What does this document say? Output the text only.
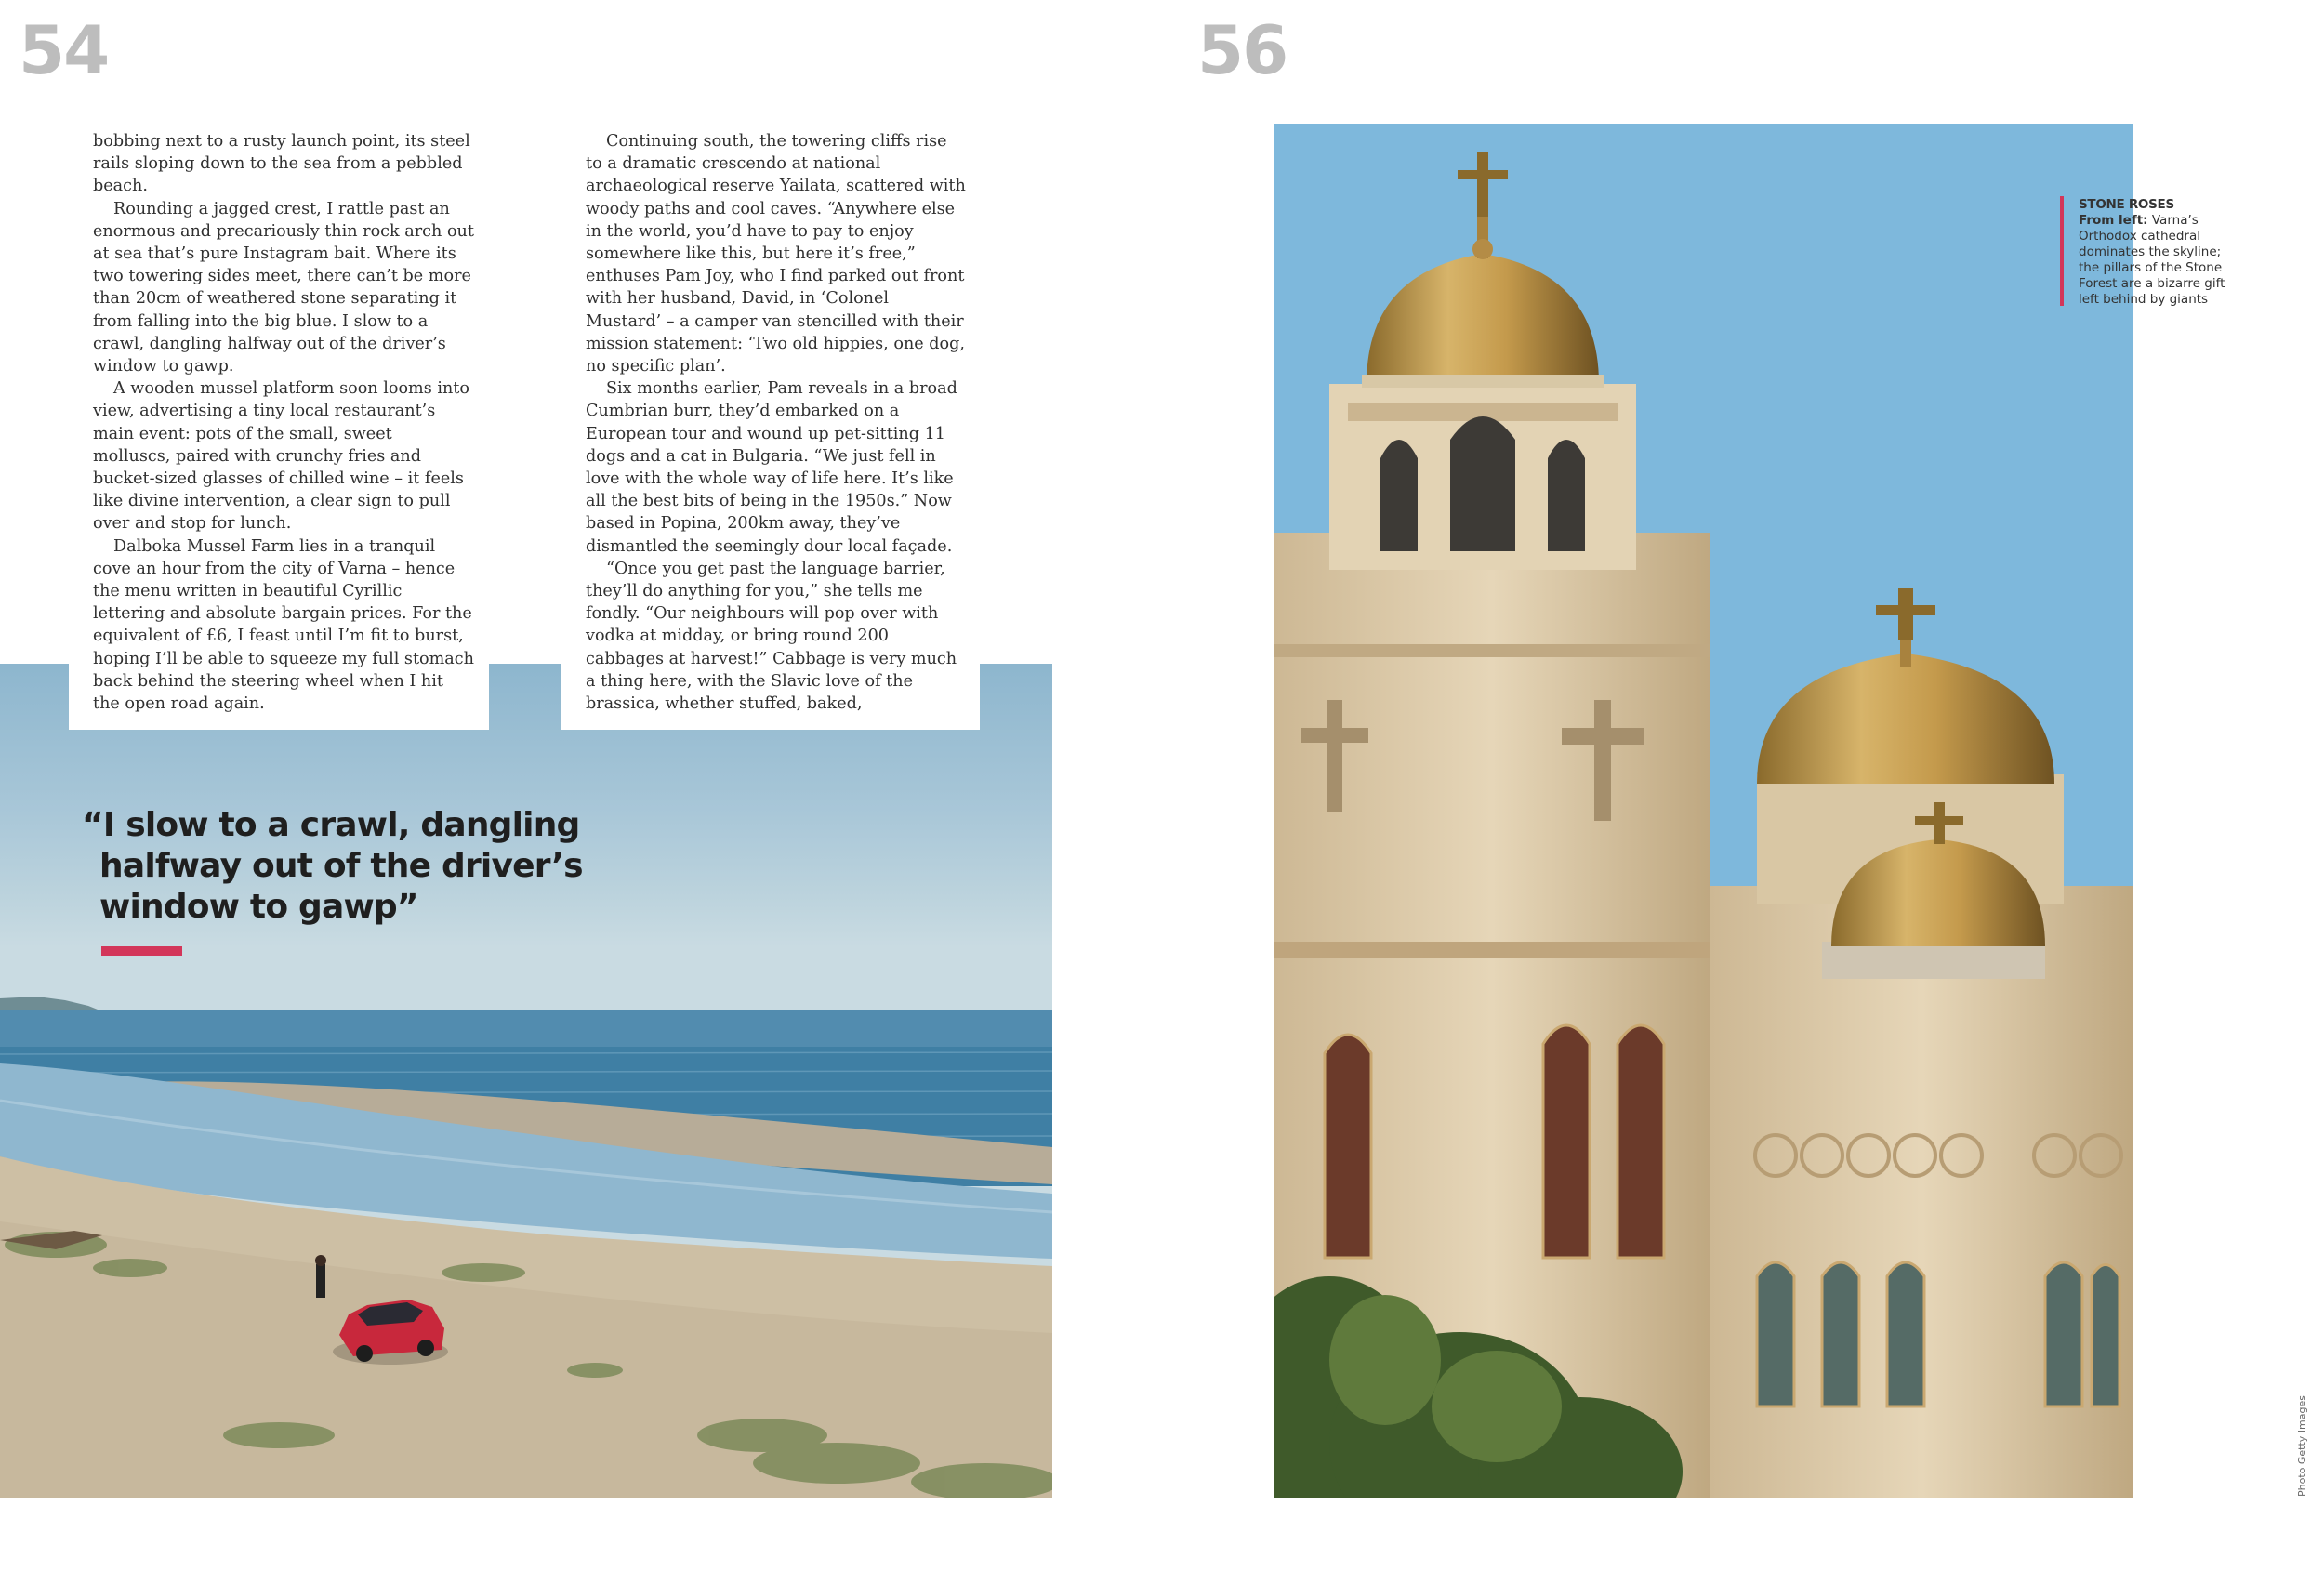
54	56

bobbing next to a rusty launch point, its steel rails sloping down to the sea from a pebbled beach.

Rounding a jagged crest, I rattle past an enormous and precariously thin rock arch out at sea that’s pure Instagram bait. Where its two towering sides meet, there can’t be more than 20cm of weathered stone separating it from falling into the big blue. I slow to a crawl, dangling halfway out of the driver’s window to gawp.

A wooden mussel platform soon looms into view, advertising a tiny local restaurant’s main event: pots of the small, sweet molluscs, paired with crunchy fries and bucket-sized glasses of chilled wine – it feels like divine intervention, a clear sign to pull over and stop for lunch.

Dalboka Mussel Farm lies in a tranquil cove an hour from the city of Varna – hence the menu written in beautiful Cyrillic lettering and absolute bargain prices. For the equivalent of £6, I feast until I’m fit to burst, hoping I’ll be able to squeeze my full stomach back behind the steering wheel when I hit the open road again.

Continuing south, the towering cliffs rise to a dramatic crescendo at national archaeological reserve Yailata, scattered with woody paths and cool caves. “Anywhere else in the world, you’d have to pay to enjoy somewhere like this, but here it’s free,” enthuses Pam Joy, who I find parked out front with her husband, David, in ‘Colonel Mustard’ – a camper van stencilled with their mission statement: ‘Two old hippies, one dog, no specific plan’.

Six months earlier, Pam reveals in a broad Cumbrian burr, they’d embarked on a European tour and wound up pet-sitting 11 dogs and a cat in Bulgaria. “We just fell in love with the whole way of life here. It’s like all the best bits of being in the 1950s.” Now based in Popina, 200km away, they’ve dismantled the seemingly dour local façade.

“Once you get past the language barrier, they’ll do anything for you,” she tells me fondly. “Our neighbours will pop over with vodka at midday, or bring round 200 cabbages at harvest!” Cabbage is very much a thing here, with the Slavic love of the brassica, whether stuffed, baked,

“I slow to a crawl, dangling
halfway out of the driver’s
window to gawp”
STONE ROSES
From left: Varna’s Orthodox cathedral dominates the skyline; the pillars of the Stone Forest are a bizarre gift left behind by giants
Photo Getty Images
